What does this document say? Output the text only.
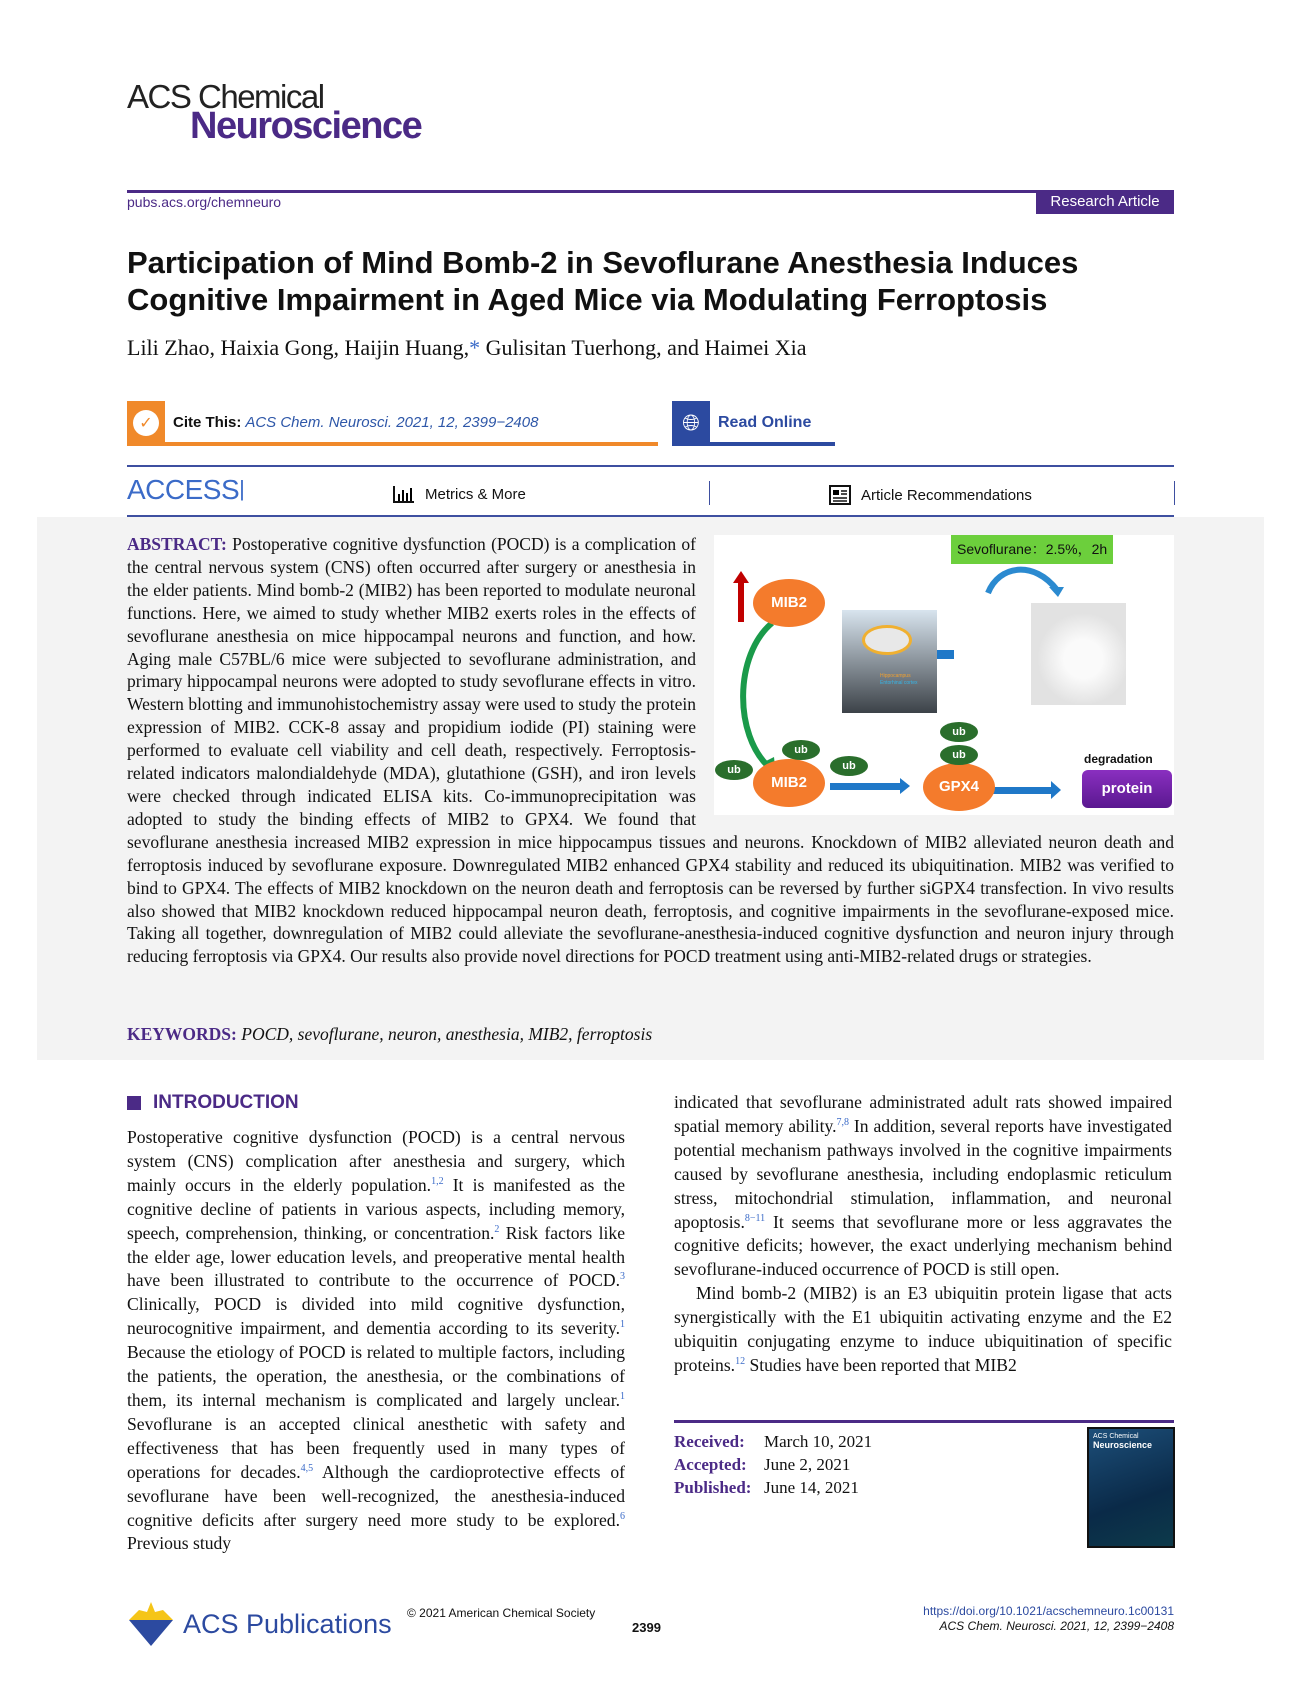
ACS Chemical
Neuroscience
pubs.acs.org/chemneuro	Research Article
Participation of Mind Bomb-2 in Sevoflurane Anesthesia Induces Cognitive Impairment in Aged Mice via Modulating Ferroptosis
Lili Zhao, Haixia Gong, Haijin Huang,* Gulisitan Tuerhong, and Haimei Xia
✓	Cite This: ACS Chem. Neurosci. 2021, 12, 2399−2408	🌐︎	Read Online
ACCESS|	Metrics & More	Article Recommendations
Sevoflurane：2.5%，2h
Hippocampus
Entorhinal cortex
MIB2
MIB2	GPX4
ub
ub
ub
ub
ub	degradation
protein
ABSTRACT: Postoperative cognitive dysfunction (POCD) is a complication of the central nervous system (CNS) often occurred after surgery or anesthesia in the elder patients. Mind bomb-2 (MIB2) has been reported to modulate neuronal functions. Here, we aimed to study whether MIB2 exerts roles in the effects of sevoflurane anesthesia on mice hippocampal neurons and function, and how. Aging male C57BL/6 mice were subjected to sevoflurane administration, and primary hippocampal neurons were adopted to study sevoflurane effects in vitro. Western blotting and immunohistochemistry assay were used to study the protein expression of MIB2. CCK-8 assay and propidium iodide (PI) staining were performed to evaluate cell viability and cell death, respectively. Ferroptosis-related indicators malondialdehyde (MDA), glutathione (GSH), and iron levels were checked through indicated ELISA kits. Co-immunoprecipitation was adopted to study the binding effects of MIB2 to GPX4. We found that sevoflurane anesthesia increased MIB2 expression in mice hippocampus tissues and neurons. Knockdown of MIB2 alleviated neuron death and ferroptosis induced by sevoflurane exposure. Downregulated MIB2 enhanced GPX4 stability and reduced its ubiquitination. MIB2 was verified to bind to GPX4. The effects of MIB2 knockdown on the neuron death and ferroptosis can be reversed by further siGPX4 transfection. In vivo results also showed that MIB2 knockdown reduced hippocampal neuron death, ferroptosis, and cognitive impairments in the sevoflurane-exposed mice. Taking all together, downregulation of MIB2 could alleviate the sevoflurane-anesthesia-induced cognitive dysfunction and neuron injury through reducing ferroptosis via GPX4. Our results also provide novel directions for POCD treatment using anti-MIB2-related drugs or strategies.
KEYWORDS: POCD, sevoflurane, neuron, anesthesia, MIB2, ferroptosis
INTRODUCTION

Postoperative cognitive dysfunction (POCD) is a central nervous system (CNS) complication after anesthesia and surgery, which mainly occurs in the elderly population.$^{1,2}$ It is manifested as the cognitive decline of patients in various aspects, including memory, speech, comprehension, thinking, or concentration.$^2$ Risk factors like the elder age, lower education levels, and preoperative mental health have been illustrated to contribute to the occurrence of POCD.$^3$ Clinically, POCD is divided into mild cognitive dysfunction, neurocognitive impairment, and dementia according to its severity.$^1$ Because the etiology of POCD is related to multiple factors, including the patients, the operation, the anesthesia, or the combinations of them, its internal mechanism is complicated and largely unclear.$^1$ Sevoflurane is an accepted clinical anesthetic with safety and effectiveness that has been frequently used in many types of operations for decades.$^{4,5}$ Although the cardioprotective effects of sevoflurane have been well-recognized, the anesthesia-induced cognitive deficits after surgery need more study to be explored.$^6$ Previous study

indicated that sevoflurane administrated adult rats showed impaired spatial memory ability.$^{7,8}$ In addition, several reports have investigated potential mechanism pathways involved in the cognitive impairments caused by sevoflurane anesthesia, including endoplasmic reticulum stress, mitochondrial stimulation, inflammation, and neuronal apoptosis.$^{8-11}$ It seems that sevoflurane more or less aggravates the cognitive deficits; however, the exact underlying mechanism behind sevoflurane-induced occurrence of POCD is still open.

Mind bomb-2 (MIB2) is an E3 ubiquitin protein ligase that acts synergistically with the E1 ubiquitin activating enzyme and the E2 ubiquitin conjugating enzyme to induce ubiquitination of specific proteins.$^{12}$ Studies have been reported that MIB2

Received: March 10, 2021
Accepted: June 2, 2021
Published: June 14, 2021
ACS Chemical
Neuroscience
ACS Publications © 2021 American Chemical Society
2399
https://doi.org/10.1021/acschemneuro.1c00131
ACS Chem. Neurosci. 2021, 12, 2399−2408
